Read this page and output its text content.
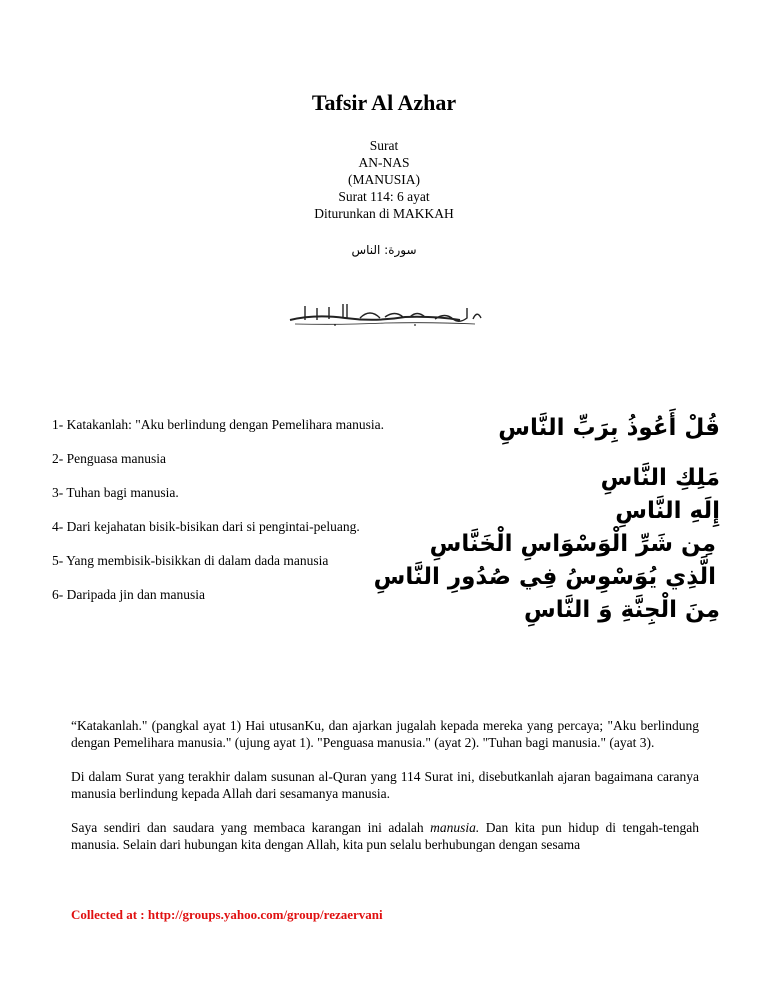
Tafsir Al Azhar
Surat
AN-NAS
(MANUSIA)
Surat 114: 6 ayat
Diturunkan di MAKKAH
سورة: الناس
1- Katakanlah: "Aku berlindung dengan Pemelihara manusia.
2- Penguasa manusia
3- Tuhan bagi manusia.
4- Dari kejahatan bisik-bisikan dari si pengintai-peluang.
5- Yang membisik-bisikkan di dalam dada manusia
6- Daripada jin dan manusia
قُلْ أَعُوذُ بِرَبِّ النَّاسِ
مَلِكِ النَّاسِ
إِلَهِ النَّاسِ
مِن شَرِّ الْوَسْوَاسِ الْخَنَّاسِ
الَّذِي يُوَسْوِسُ فِي صُدُورِ النَّاسِ
مِنَ الْجِنَّةِ وَ النَّاسِ

“Katakanlah." (pangkal ayat 1) Hai utusanKu, dan ajarkan jugalah kepada mereka yang percaya; "Aku berlindung dengan Pemelihara manusia." (ujung ayat 1). "Penguasa manusia." (ayat 2). "Tuhan bagi manusia." (ayat 3).

Di dalam Surat yang terakhir dalam susunan al-Quran yang 114 Surat ini, disebutkanlah ajaran bagaimana caranya manusia berlindung kepada Allah dari sesamanya manusia.

Saya sendiri dan saudara yang membaca karangan ini adalah manusia. Dan kita pun hidup di tengah-tengah manusia. Selain dari hubungan kita dengan Allah, kita pun selalu berhubungan dengan sesama

Collected at : http://groups.yahoo.com/group/rezaervani
